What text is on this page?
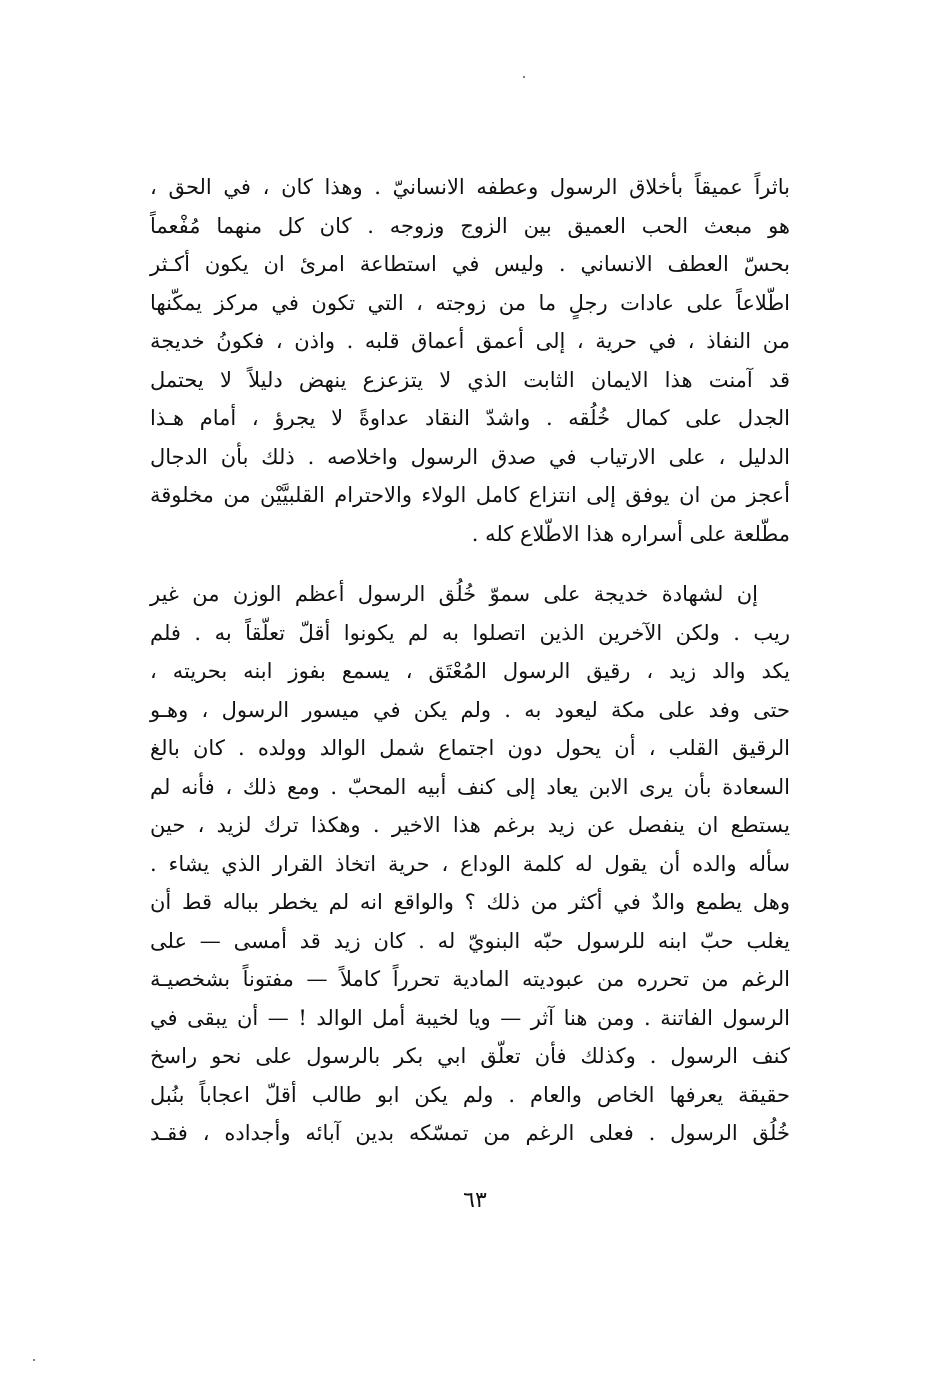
باثراً عميقاً بأخلاق الرسول وعطفه الانسانيّ . وهذا كان ، في الحق ،
هو مبعث الحب العميق بين الزوج وزوجه . كان كل منهما مُفْعماً
بحسّ العطف الانساني . وليس في استطاعة امرئ ان يكون أكـثر
اطّلاعاً على عادات رجلٍ ما من زوجته ، التي تكون في مركز يمكّنها
من النفاذ ، في حرية ، إلى أعمق أعماق قلبه . واذن ، فكونُ خديجة
قد آمنت هذا الايمان الثابت الذي لا يتزعزع ينهض دليلاً لا يحتمل
الجدل على كمال خُلُقه . واشدّ النقاد عداوةً لا يجرؤ ، أمام هـذا
الدليل ، على الارتياب في صدق الرسول واخلاصه . ذلك بأن الدجال
أعجز من ان يوفق إلى انتزاع كامل الولاء والاحترام القلبيَّيْن من مخلوقة
مطّلعة على أسراره هذا الاطّلاع كله .
إن لشهادة خديجة على سموّ خُلُق الرسول أعظم الوزن من غير
ريب . ولكن الآخرين الذين اتصلوا به لم يكونوا أقلّ تعلّقاً به . فلم
يكد والد زيد ، رقيق الرسول المُعْتَق ، يسمع بفوز ابنه بحريته ،
حتى وفد على مكة ليعود به . ولم يكن في ميسور الرسول ، وهـو
الرقيق القلب ، أن يحول دون اجتماع شمل الوالد وولده . كان بالغ
السعادة بأن يرى الابن يعاد إلى كنف أبيه المحبّ . ومع ذلك ، فأنه لم
يستطع ان ينفصل عن زيد برغم هذا الاخير . وهكذا ترك لزيد ، حين
سأله والده أن يقول له كلمة الوداع ، حرية اتخاذ القرار الذي يشاء .
وهل يطمع والدٌ في أكثر من ذلك ؟ والواقع انه لم يخطر بباله قط أن
يغلب حبّ ابنه للرسول حبّه البنويّ له . كان زيد قد أمسى — على
الرغم من تحرره من عبوديته المادية تحرراً كاملاً — مفتوناً بشخصيـة
الرسول الفاتنة . ومن هنا آثر — ويا لخيبة أمل الوالد ! — أن يبقى في
كنف الرسول . وكذلك فأن تعلّق ابي بكر بالرسول على نحو راسخ
حقيقة يعرفها الخاص والعام . ولم يكن ابو طالب أقلّ اعجاباً بنُبل
خُلُق الرسول . فعلى الرغم من تمسّكه بدين آبائه وأجداده ، فقـد
٦٣
